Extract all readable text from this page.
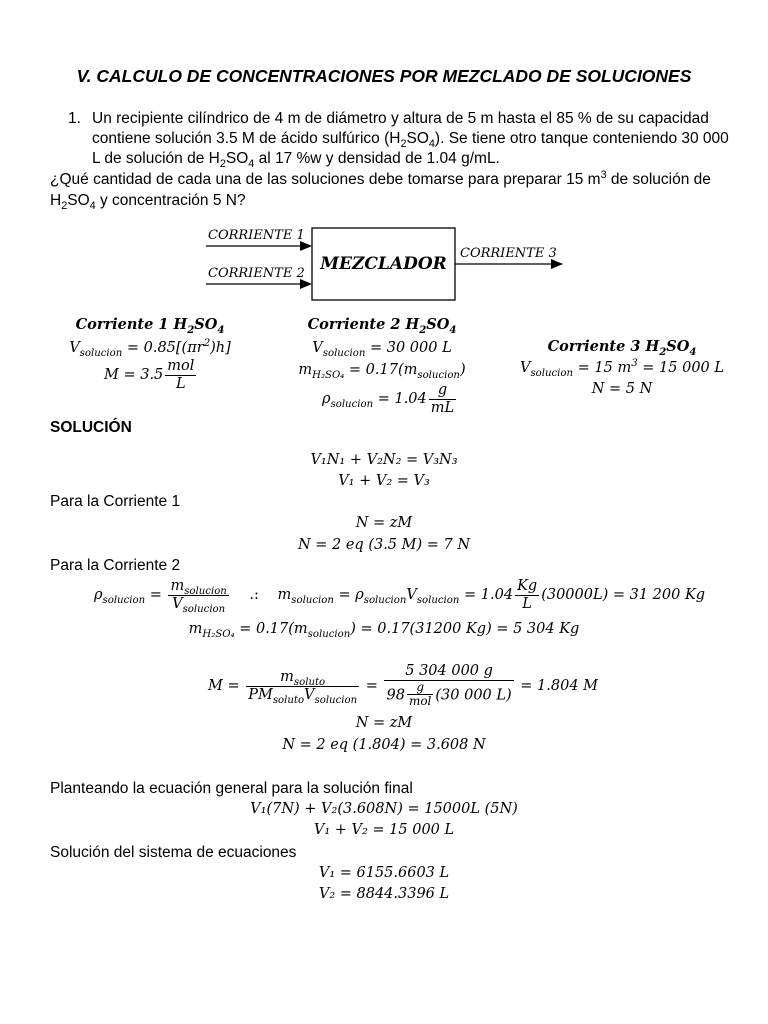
V. CALCULO DE CONCENTRACIONES POR MEZCLADO DE SOLUCIONES
1. Un recipiente cilíndrico de 4 m de diámetro y altura de 5 m hasta el 85 % de su capacidad
contiene solución 3.5 M de ácido sulfúrico $(H_2SO_4)$. Se tiene otro tanque conteniendo 30 000
L de solución de $H_2SO_4$ al 17 %w y densidad de 1.04 g/mL.
¿Qué cantidad de cada una de las soluciones debe tomarse para preparar 15 $m^3$ de solución de
$H_2SO_4$ y concentración 5 N?
CORRIENTE 1
CORRIENTE 2 MEZCLADOR
CORRIENTE 3
Corriente 1 $H_2SO_4$
$V_{solucion} = 0.85[(\pi r^2)h]$
$M = 3.5 \frac{\text{mol}}{L}$
Corriente 2 $H_2SO_4$
$V_{solucion} = 30$ 000 L
$m_{H_2SO_4} = 0.17(m_{solucion})$
$\rho_{solucion} = 1.04 \frac{g}{mL}$
Corriente 3 $H_2SO_4$
$V_{solucion} = 15$ $m^3 = 15$ 000 L
N = 5 N
SOLUCIÓN
V₁N₁ + V₂N₂ = V₃N₃
V₁ + V₂ = V₃
Para la Corriente 1
N = zM
N = 2 eq (3.5 M) = 7 N
Para la Corriente 2
$\rho_{solucion} = \frac{m_{solucion}}{V_{solucion}}$ .: $m_{solucion} = \rho_{solucion}V_{solucion} = 1.04 \frac{Kg}{L} (30000L) = 31$ 200 Kg
$m_{H_2SO_4} = 0.17(m_{solucion}) = 0.17(31200$ Kg) = 5 304 Kg
$M = \frac{m_{soluto}}{PM_{soluto}V_{solucion}} = \frac{5 304 000 g}{98 \frac{g}{\text{mol}} (30 000 L)} = 1.804$ M
N = zM
N = 2 eq (1.804) = 3.608 N
Planteando la ecuación general para la solución final
V₁(7N) + V₂(3.608N) = 15000L (5N)
V₁ + V₂ = 15 000 L
Solución del sistema de ecuaciones
V₁ = 6155.6603 L
V₂ = 8844.3396 L
